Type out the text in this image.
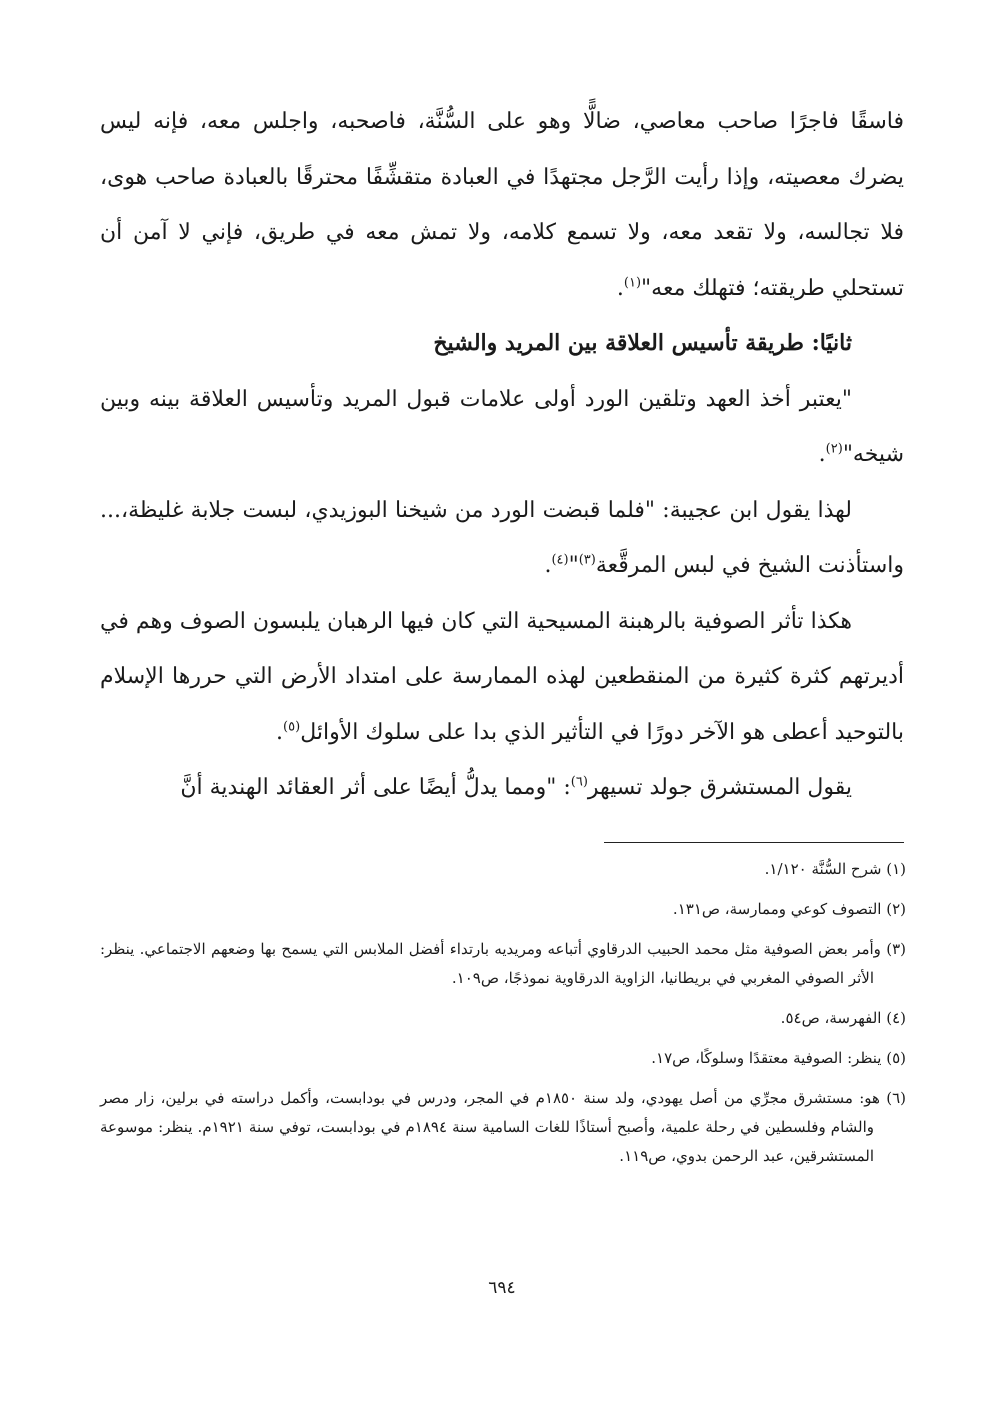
فاسقًا فاجرًا صاحب معاصي، ضالًّا وهو على السُّنَّة، فاصحبه، واجلس معه، فإنه ليس يضرك معصيته، وإذا رأيت الرَّجل مجتهدًا في العبادة متقشِّفًا محترقًا بالعبادة صاحب هوى، فلا تجالسه، ولا تقعد معه، ولا تسمع كلامه، ولا تمش معه في طريق، فإني لا آمن أن تستحلي طريقته؛ فتهلك معه"$^{(١)}$.

ثانيًا: طريقة تأسيس العلاقة بين المريد والشيخ

"يعتبر أخذ العهد وتلقين الورد أولى علامات قبول المريد وتأسيس العلاقة بينه وبين شيخه"$^{(٢)}$.

لهذا يقول ابن عجيبة: "فلما قبضت الورد من شيخنا البوزيدي، لبست جلابة غليظة،... واستأذنت الشيخ في لبس المرقَّعة$^{(٣)}$"$^{(٤)}$.

هكذا تأثر الصوفية بالرهبنة المسيحية التي كان فيها الرهبان يلبسون الصوف وهم في أديرتهم كثرة كثيرة من المنقطعين لهذه الممارسة على امتداد الأرض التي حررها الإسلام بالتوحيد أعطى هو الآخر دورًا في التأثير الذي بدا على سلوك الأوائل$^{(٥)}$.

يقول المستشرق جولد تسيهر$^{(٦)}$: "ومما يدلُّ أيضًا على أثر العقائد الهندية أنَّ

(١) شرح السُّنَّة ١/١٢٠.

(٢) التصوف كوعي وممارسة، ص١٣١.

(٣) وأمر بعض الصوفية مثل محمد الحبيب الدرقاوي أتباعه ومريديه بارتداء أفضل الملابس التي يسمح بها وضعهم الاجتماعي. ينظر: الأثر الصوفي المغربي في بريطانيا، الزاوية الدرقاوية نموذجًا، ص١٠٩.

(٤) الفهرسة، ص٥٤.

(٥) ينظر: الصوفية معتقدًا وسلوكًا، ص١٧.

(٦) هو: مستشرق مجرِّي من أصل يهودي، ولد سنة ١٨٥٠م في المجر، ودرس في بودابست، وأكمل دراسته في برلين، زار مصر والشام وفلسطين في رحلة علمية، وأصبح أستاذًا للغات السامية سنة ١٨٩٤م في بودابست، توفي سنة ١٩٢١م. ينظر: موسوعة المستشرقين، عبد الرحمن بدوي، ص١١٩.

٦٩٤
